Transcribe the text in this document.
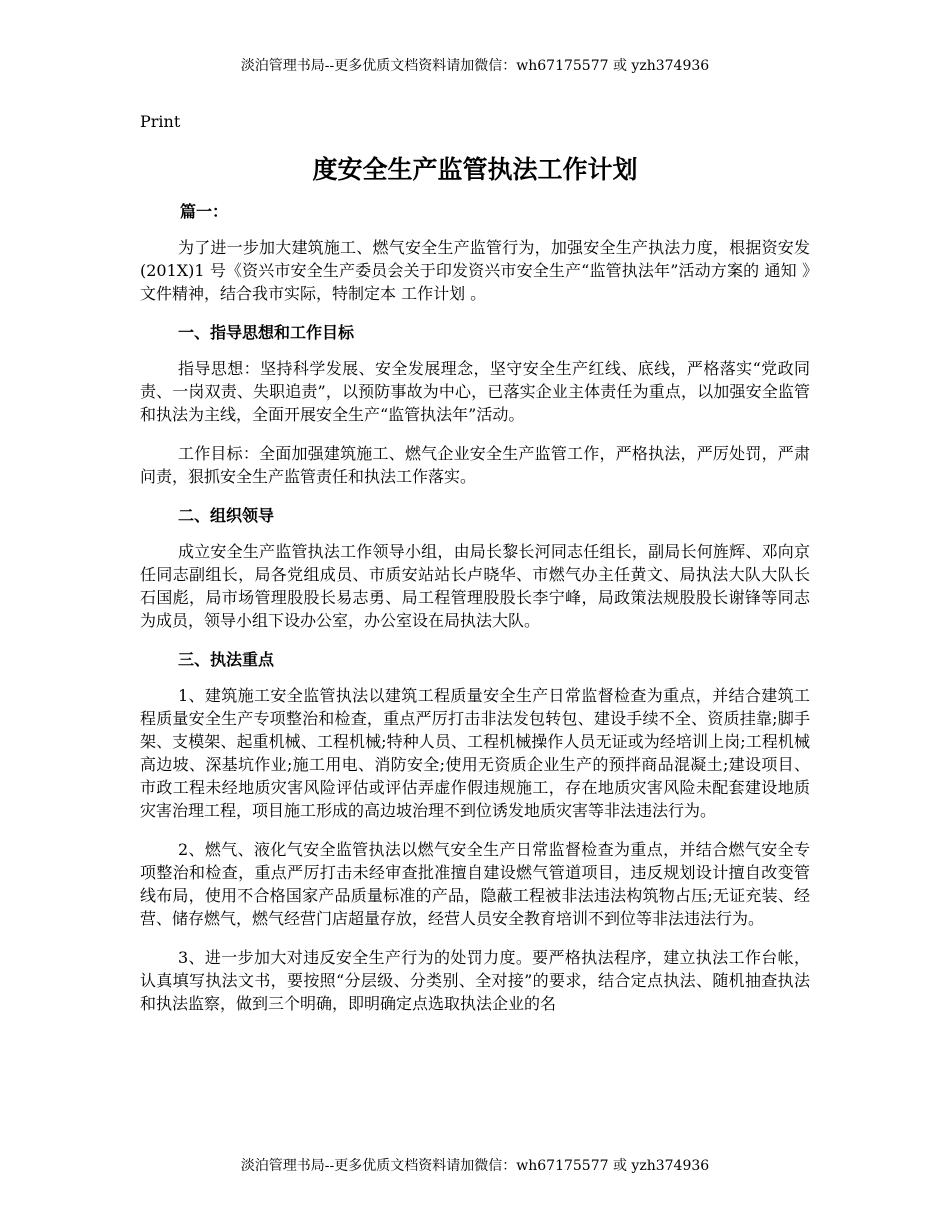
淡泊管理书局--更多优质文档资料请加微信：wh67175577 或 yzh374936
Print
度安全生产监管执法工作计划
篇一：

为了进一步加大建筑施工、燃气安全生产监管行为，加强安全生产执法力度，根据资安发(201X)1 号《资兴市安全生产委员会关于印发资兴市安全生产“监管执法年”活动方案的 通知 》文件精神，结合我市实际，特制定本 工作计划 。

一、指导思想和工作目标

指导思想：坚持科学发展、安全发展理念，坚守安全生产红线、底线，严格落实“党政同责、一岗双责、失职追责”，以预防事故为中心，已落实企业主体责任为重点，以加强安全监管和执法为主线，全面开展安全生产“监管执法年”活动。

工作目标：全面加强建筑施工、燃气企业安全生产监管工作，严格执法，严厉处罚，严肃问责，狠抓安全生产监管责任和执法工作落实。

二、组织领导

成立安全生产监管执法工作领导小组，由局长黎长河同志任组长，副局长何旌辉、邓向京任同志副组长，局各党组成员、市质安站站长卢晓华、市燃气办主任黄文、局执法大队大队长石国彪，局市场管理股股长易志勇、局工程管理股股长李宁峰，局政策法规股股长谢锋等同志为成员，领导小组下设办公室，办公室设在局执法大队。

三、执法重点

1、建筑施工安全监管执法以建筑工程质量安全生产日常监督检查为重点，并结合建筑工程质量安全生产专项整治和检查，重点严厉打击非法发包转包、建设手续不全、资质挂靠;脚手架、支模架、起重机械、工程机械;特种人员、工程机械操作人员无证或为经培训上岗;工程机械高边坡、深基坑作业;施工用电、消防安全;使用无资质企业生产的预拌商品混凝土;建设项目、市政工程未经地质灾害风险评估或评估弄虚作假违规施工，存在地质灾害风险未配套建设地质灾害治理工程，项目施工形成的高边坡治理不到位诱发地质灾害等非法违法行为。

2、燃气、液化气安全监管执法以燃气安全生产日常监督检查为重点，并结合燃气安全专项整治和检查，重点严厉打击未经审查批准擅自建设燃气管道项目，违反规划设计擅自改变管线布局，使用不合格国家产品质量标准的产品，隐蔽工程被非法违法构筑物占压;无证充装、经营、储存燃气，燃气经营门店超量存放，经营人员安全教育培训不到位等非法违法行为。

3、进一步加大对违反安全生产行为的处罚力度。要严格执法程序，建立执法工作台帐，认真填写执法文书，要按照“分层级、分类别、全对接”的要求，结合定点执法、随机抽查执法和执法监察，做到三个明确，即明确定点选取执法企业的名

淡泊管理书局--更多优质文档资料请加微信：wh67175577 或 yzh374936
